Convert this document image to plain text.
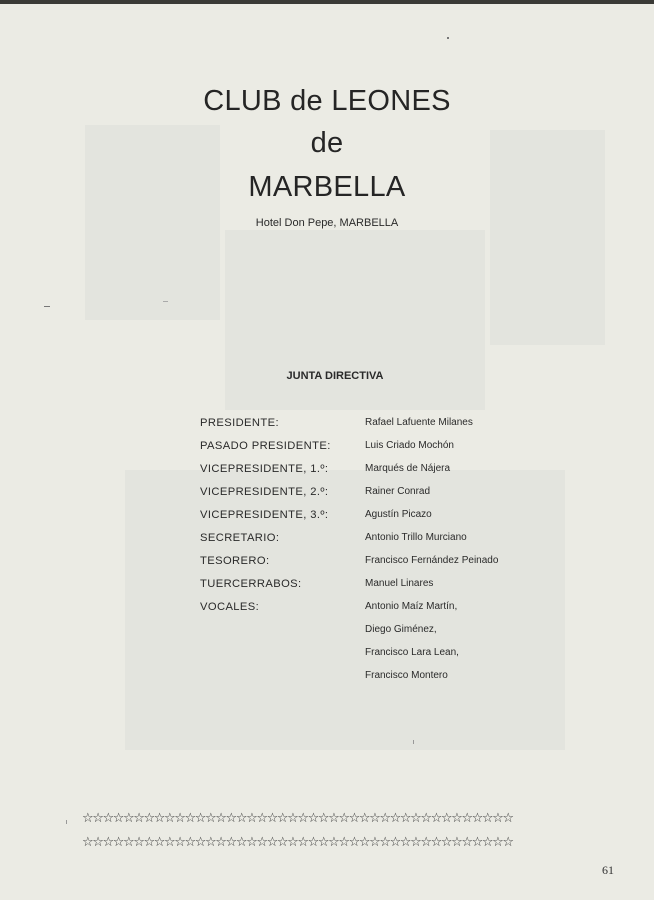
CLUB de LEONES
de
MARBELLA
Hotel Don Pepe, MARBELLA
JUNTA DIRECTIVA
PRESIDENTE:	Rafael Lafuente Milanes
PASADO PRESIDENTE:	Luis Criado Mochón
VICEPRESIDENTE, 1.º:	Marqués de Nájera
VICEPRESIDENTE, 2.º:	Rainer Conrad
VICEPRESIDENTE, 3.º:	Agustín Picazo
SECRETARIO:	Antonio Trillo Murciano
TESORERO:	Francisco Fernández Peinado
TUERCERRABOS:	Manuel Linares
VOCALES:	Antonio Maíz Martín,
Diego Giménez,
Francisco Lara Lean,
Francisco Montero
☆☆☆☆☆☆☆☆☆☆☆☆☆☆☆☆☆☆☆☆☆☆☆☆☆☆☆☆☆☆☆☆☆☆☆☆☆☆☆☆☆☆
☆☆☆☆☆☆☆☆☆☆☆☆☆☆☆☆☆☆☆☆☆☆☆☆☆☆☆☆☆☆☆☆☆☆☆☆☆☆☆☆☆☆
61
